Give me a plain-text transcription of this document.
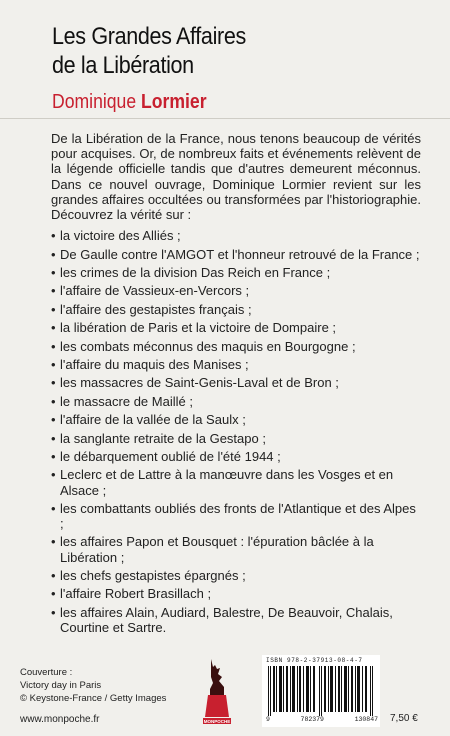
Les Grandes Affaires
de la Libération
Dominique Lormier

De la Libération de la France, nous tenons beaucoup de vérités pour acquises. Or, de nombreux faits et événements relèvent de la légende officielle tandis que d'autres demeurent méconnus. Dans ce nouvel ouvrage, Dominique Lormier revient sur les grandes affaires occultées ou transformées par l'historiographie. Découvrez la vérité sur :

• la victoire des Alliés ;
• De Gaulle contre l'AMGOT et l'honneur retrouvé de la France ;
• les crimes de la division Das Reich en France ;
• l'affaire de Vassieux-en-Vercors ;
• l'affaire des gestapistes français ;
• la libération de Paris et la victoire de Dompaire ;
• les combats méconnus des maquis en Bourgogne ;
• l'affaire du maquis des Manises ;
• les massacres de Saint-Genis-Laval et de Bron ;
• le massacre de Maillé ;
• l'affaire de la vallée de la Saulx ;
• la sanglante retraite de la Gestapo ;
• le débarquement oublié de l'été 1944 ;
• Leclerc et de Lattre à la manœuvre dans les Vosges et en Alsace ;
• les combattants oubliés des fronts de l'Atlantique et des Alpes ;
• les affaires Papon et Bousquet : l'épuration bâclée à la Libération ;
• les chefs gestapistes épargnés ;
• l'affaire Robert Brasillach ;
• les affaires Alain, Audiard, Balestre, De Beauvoir, Chalais, Courtine et Sartre.
Couverture :
Victory day in Paris
© Keystone-France / Getty Images
www.monpoche.fr	MONPOCHE
ISBN 978-2-37913-08-4-7
9	782379	130847 7,50 €
